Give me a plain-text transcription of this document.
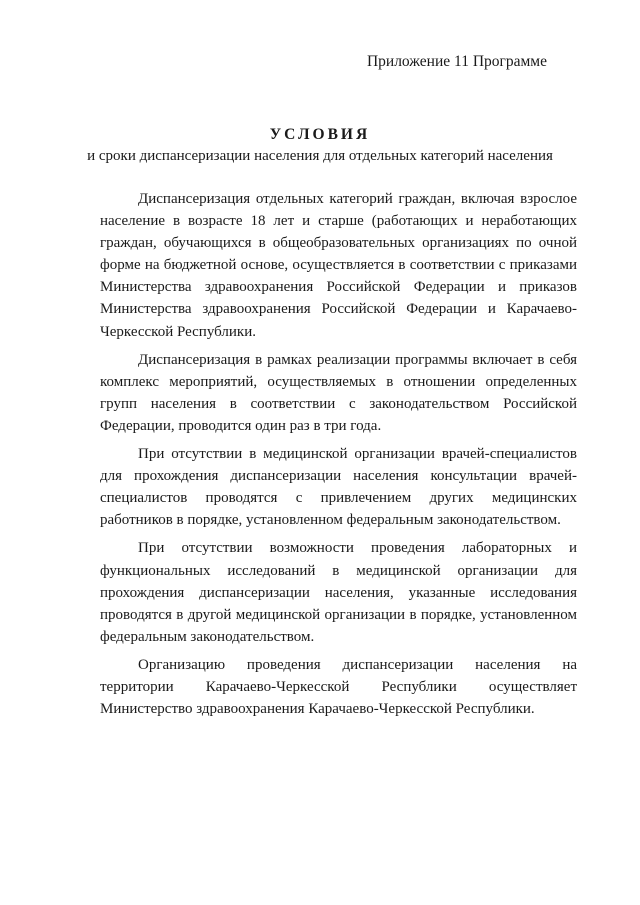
Приложение 11 Программе
УСЛОВИЯ
и сроки диспансеризации населения для отдельных категорий населения

Диспансеризация отдельных категорий граждан, включая взрослое население в возрасте 18 лет и старше (работающих и неработающих граждан, обучающихся в общеобразовательных организациях по очной форме на бюджетной основе, осуществляется в соответствии с приказами Министерства здравоохранения Российской Федерации и приказов Министерства здравоохранения Российской Федерации и Карачаево-Черкесской Республики.

Диспансеризация в рамках реализации программы включает в себя комплекс мероприятий, осуществляемых в отношении определенных групп населения в соответствии с законодательством Российской Федерации, проводится один раз в три года.

При отсутствии в медицинской организации врачей-специалистов для прохождения диспансеризации населения консультации врачей-специалистов проводятся с привлечением других медицинских работников в порядке, установленном федеральным законодательством.

При отсутствии возможности проведения лабораторных и функциональных исследований в медицинской организации для прохождения диспансеризации населения, указанные исследования проводятся в другой медицинской организации в порядке, установленном федеральным законодательством.

Организацию проведения диспансеризации населения на территории Карачаево-Черкесской Республики осуществляет Министерство здравоохранения Карачаево-Черкесской Республики.
